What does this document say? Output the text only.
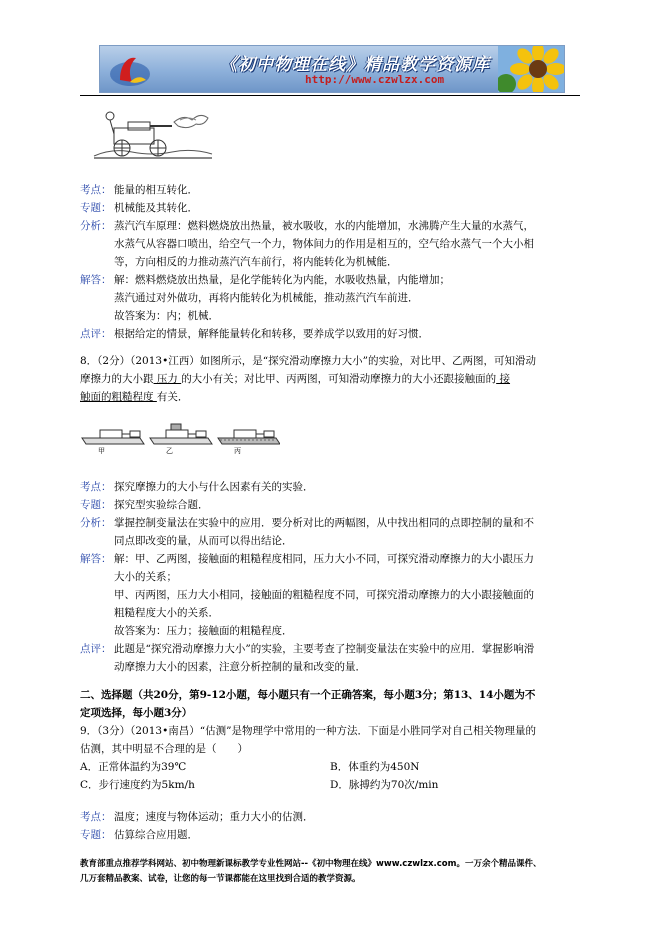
《初中物理在线》精品教学资源库
http://www.czwlzx.com
考点： 能量的相互转化．
专题： 机械能及其转化．
分析： 蒸汽汽车原理：燃料燃烧放出热量，被水吸收，水的内能增加，水沸腾产生大量的水蒸气，
水蒸气从容器口喷出，给空气一个力，物体间力的作用是相互的，空气给水蒸气一个大小相
等，方向相反的力推动蒸汽汽车前行，将内能转化为机械能．
解答： 解：燃料燃烧放出热量，是化学能转化为内能，水吸收热量，内能增加；
蒸汽通过对外做功，再将内能转化为机械能，推动蒸汽汽车前进．
故答案为：内；机械．
点评： 根据给定的情景，解释能量转化和转移，要养成学以致用的好习惯．
8．（2分）（2013•江西）如图所示，是“探究滑动摩擦力大小”的实验，对比甲、乙两图，可知滑动
摩擦力的大小跟 压力 的大小有关；对比甲、丙两图，可知滑动摩擦力的大小还跟接触面的 接
触面的粗糙程度 有关．
甲	乙	丙
考点： 探究摩擦力的大小与什么因素有关的实验．
专题： 探究型实验综合题．
分析： 掌握控制变量法在实验中的应用．要分析对比的两幅图，从中找出相同的点即控制的量和不
同点即改变的量，从而可以得出结论．
解答： 解：甲、乙两图，接触面的粗糙程度相同，压力大小不同，可探究滑动摩擦力的大小跟压力
大小的关系；
甲、丙两图，压力大小相同，接触面的粗糙程度不同，可探究滑动摩擦力的大小跟接触面的
粗糙程度大小的关系．
故答案为：压力；接触面的粗糙程度．
点评： 此题是“探究滑动摩擦力大小”的实验，主要考查了控制变量法在实验中的应用．掌握影响滑
动摩擦力大小的因素，注意分析控制的量和改变的量．
二、选择题（共20分，第9-12小题，每小题只有一个正确答案，每小题3分；第13、14小题为不
定项选择，每小题3分）
9．（3分）（2013•南昌）“估测”是物理学中常用的一种方法．下面是小胜同学对自己相关物理量的
估测，其中明显不合理的是（　　）
A．正常体温约为39℃	B．体重约为450N
C．步行速度约为5km/h	D．脉搏约为70次/min
考点： 温度；速度与物体运动；重力大小的估测．
专题： 估算综合应用题．
教育部重点推荐学科网站、初中物理新课标教学专业性网站--《初中物理在线》www.czwlzx.com。一万余个精品课件、
几万套精品教案、试卷，让您的每一节课都能在这里找到合适的教学资源。
